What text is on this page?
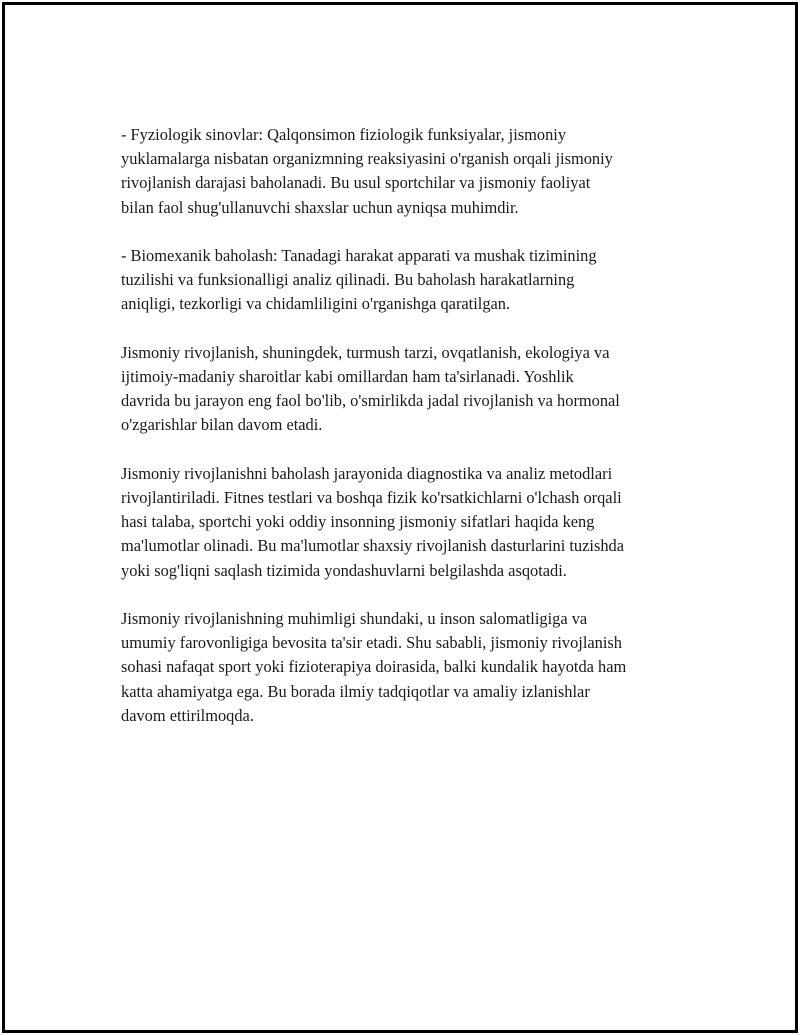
- Fyziologik sinovlar: Qalqonsimon fiziologik funksiyalar, jismoniy
yuklamalarga nisbatan organizmning reaksiyasini o'rganish orqali jismoniy
rivojlanish darajasi baholanadi. Bu usul sportchilar va jismoniy faoliyat
bilan faol shug'ullanuvchi shaxslar uchun ayniqsa muhimdir.

- Biomexanik baholash: Tanadagi harakat apparati va mushak tizimining
tuzilishi va funksionalligi analiz qilinadi. Bu baholash harakatlarning
aniqligi, tezkorligi va chidamliligini o'rganishga qaratilgan.

Jismoniy rivojlanish, shuningdek, turmush tarzi, ovqatlanish, ekologiya va
ijtimoiy-madaniy sharoitlar kabi omillardan ham ta'sirlanadi. Yoshlik
davrida bu jarayon eng faol bo'lib, o'smirlikda jadal rivojlanish va hormonal
o'zgarishlar bilan davom etadi.

Jismoniy rivojlanishni baholash jarayonida diagnostika va analiz metodlari
rivojlantiriladi. Fitnes testlari va boshqa fizik ko'rsatkichlarni o'lchash orqali
hasi talaba, sportchi yoki oddiy insonning jismoniy sifatlari haqida keng
ma'lumotlar olinadi. Bu ma'lumotlar shaxsiy rivojlanish dasturlarini tuzishda
yoki sog'liqni saqlash tizimida yondashuvlarni belgilashda asqotadi.

Jismoniy rivojlanishning muhimligi shundaki, u inson salomatligiga va
umumiy farovonligiga bevosita ta'sir etadi. Shu sababli, jismoniy rivojlanish
sohasi nafaqat sport yoki fizioterapiya doirasida, balki kundalik hayotda ham
katta ahamiyatga ega. Bu borada ilmiy tadqiqotlar va amaliy izlanishlar
davom ettirilmoqda.
